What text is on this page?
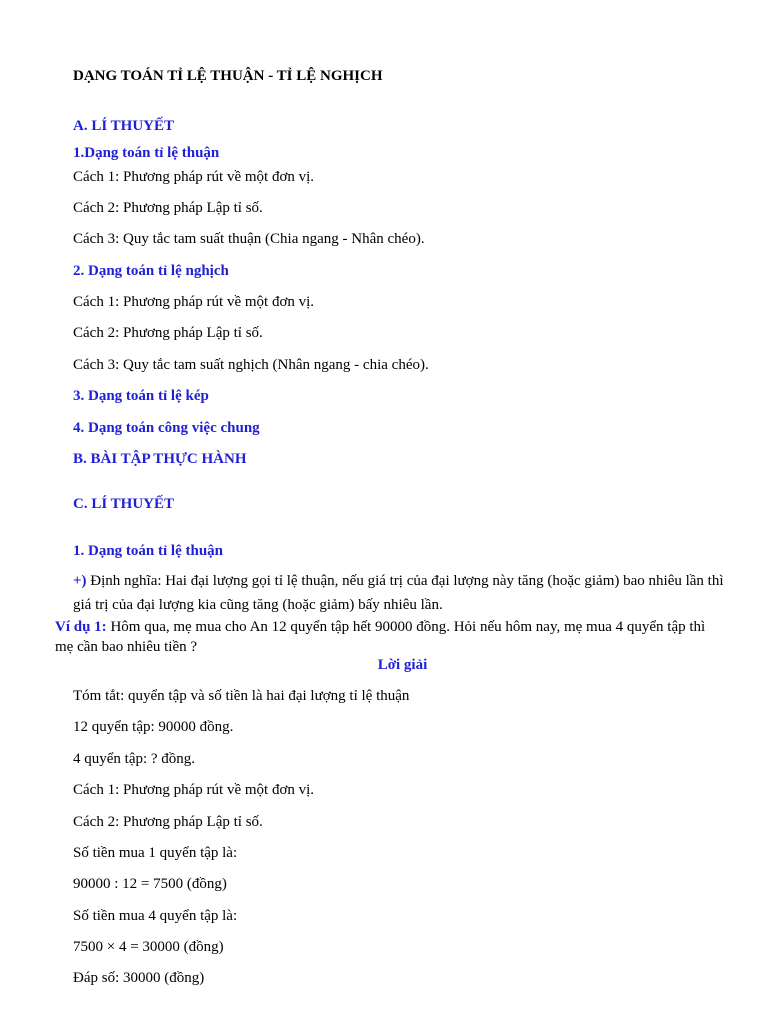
DẠNG TOÁN TỈ LỆ THUẬN - TỈ LỆ NGHỊCH
A. LÍ THUYẾT
1.Dạng toán tỉ lệ thuận
Cách 1: Phương pháp rút về một đơn vị.
Cách 2: Phương pháp Lập tỉ số.
Cách 3: Quy tắc tam suất thuận (Chia ngang - Nhân chéo).
2. Dạng toán tỉ lệ nghịch
Cách 1: Phương pháp rút về một đơn vị.
Cách 2: Phương pháp Lập tỉ số.
Cách 3: Quy tắc tam suất nghịch (Nhân ngang - chia chéo).
3. Dạng toán tỉ lệ kép
4. Dạng toán công việc chung
B. BÀI TẬP THỰC HÀNH
C. LÍ THUYẾT
1. Dạng toán tỉ lệ thuận
+) Định nghĩa: Hai đại lượng gọi tỉ lệ thuận, nếu giá trị của đại lượng này tăng (hoặc giảm) bao nhiêu lần thì giá trị của đại lượng kia cũng tăng (hoặc giảm) bấy nhiêu lần.
Ví dụ 1: Hôm qua, mẹ mua cho An 12 quyển tập hết 90000 đồng. Hỏi nếu hôm nay, mẹ mua 4 quyển tập thì mẹ cần bao nhiêu tiền ?
Lời giải
Tóm tắt: quyển tập và số tiền là hai đại lượng tỉ lệ thuận
12 quyển tập: 90000 đồng.
4 quyển tập: ? đồng.
Cách 1: Phương pháp rút về một đơn vị.
Cách 2: Phương pháp Lập tỉ số.
Số tiền mua 1 quyển tập là:
90000 : 12 = 7500 (đồng)
Số tiền mua 4 quyển tập là:
7500 × 4 = 30000 (đồng)
Đáp số: 30000 (đồng)
